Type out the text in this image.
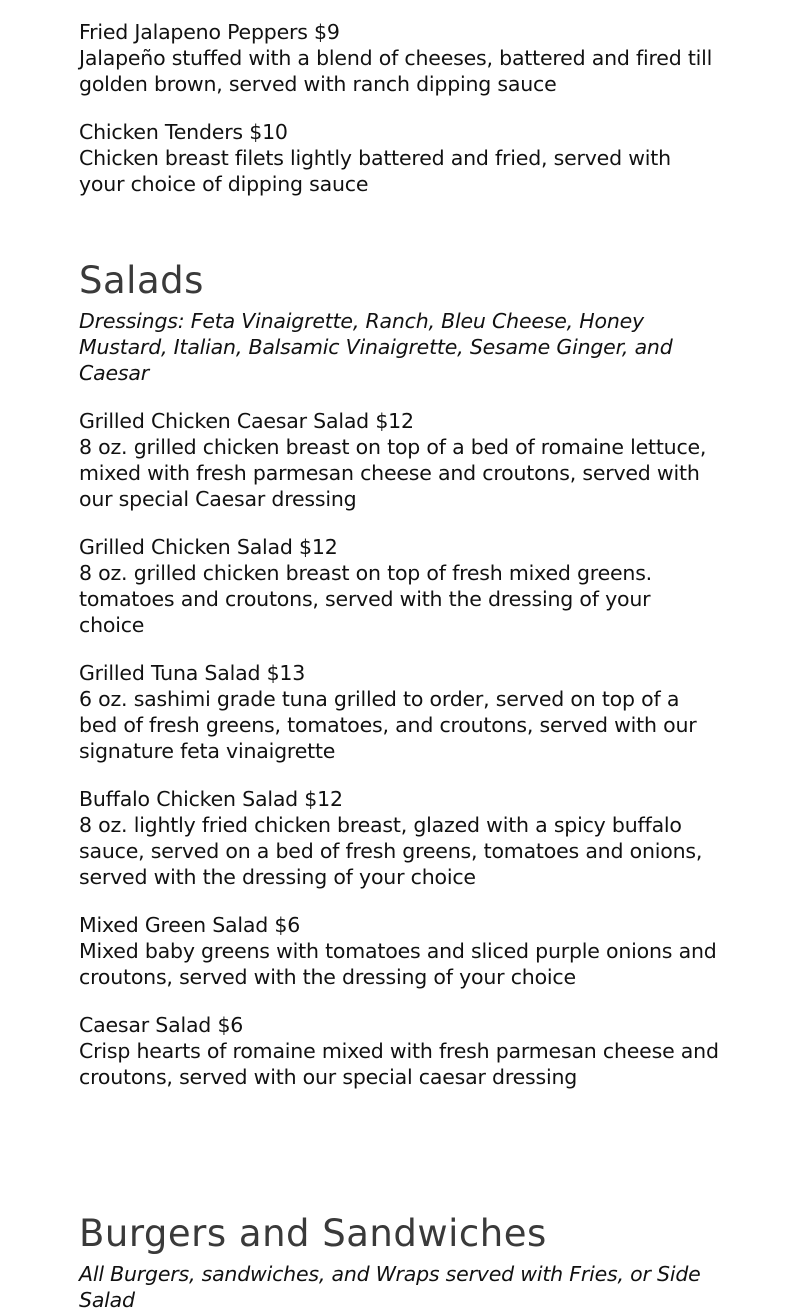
Fried Jalapeno Peppers $9
Jalapeño stuffed with a blend of cheeses, battered and fired till golden brown, served with ranch dipping sauce
Chicken Tenders $10
Chicken breast filets lightly battered and fried, served with your choice of dipping sauce
Salads
Dressings: Feta Vinaigrette, Ranch, Bleu Cheese, Honey Mustard, Italian, Balsamic Vinaigrette, Sesame Ginger, and Caesar
Grilled Chicken Caesar Salad $12
8 oz. grilled chicken breast on top of a bed of romaine lettuce, mixed with fresh parmesan cheese and croutons, served with our special Caesar dressing
Grilled Chicken Salad $12
8 oz. grilled chicken breast on top of fresh mixed greens. tomatoes and croutons, served with the dressing of your choice
Grilled Tuna Salad $13
6 oz. sashimi grade tuna grilled to order, served on top of a bed of fresh greens, tomatoes, and croutons, served with our signature feta vinaigrette
Buffalo Chicken Salad $12
8 oz. lightly fried chicken breast, glazed with a spicy buffalo sauce, served on a bed of fresh greens, tomatoes and onions, served with the dressing of your choice
Mixed Green Salad $6
Mixed baby greens with tomatoes and sliced purple onions and croutons, served with the dressing of your choice
Caesar Salad $6
Crisp hearts of romaine mixed with fresh parmesan cheese and croutons, served with our special caesar dressing
Burgers and Sandwiches
All Burgers, sandwiches, and Wraps served with Fries, or Side Salad
